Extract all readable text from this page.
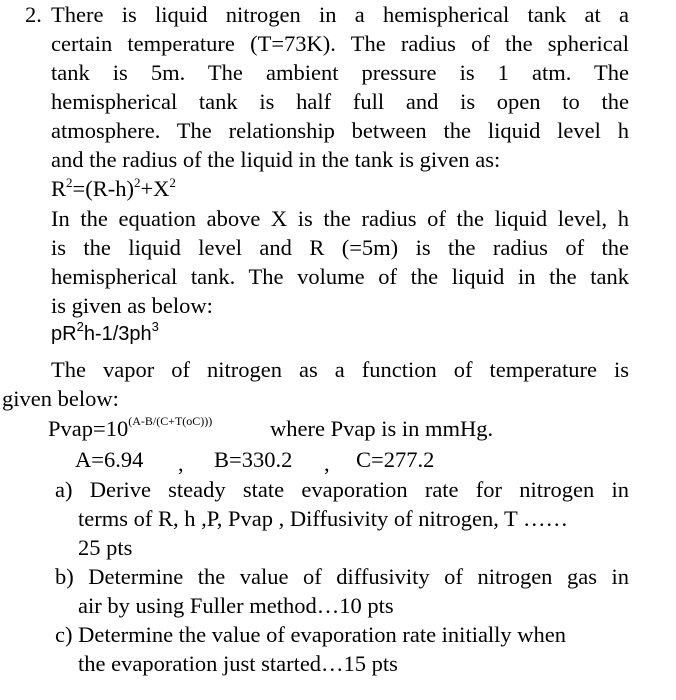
2. There is liquid nitrogen in a hemispherical tank at a
certain temperature (T=73K). The radius of the spherical
tank is 5m. The ambient pressure is 1 atm. The
hemispherical tank is half full and is open to the
atmosphere. The relationship between the liquid level h
and the radius of the liquid in the tank is given as:
$R^2=(R-h)^2+X^2$
In the equation above X is the radius of the liquid level, h
is the liquid level and R (=5m) is the radius of the
hemispherical tank. The volume of the liquid in the tank
is given as below:
$pR^2h-1/3ph^3$
The vapor of nitrogen as a function of temperature is
given below:
$Pvap=10^{(A-B/(C+T(oC)))}$	where Pvap is in mmHg.
A=6.94 , B=330.2 , C=277.2
a) Derive steady state evaporation rate for nitrogen in
terms of R, h ,P, Pvap , Diffusivity of nitrogen, T ……
25 pts
b) Determine the value of diffusivity of nitrogen gas in
air by using Fuller method…10 pts
c) Determine the value of evaporation rate initially when
the evaporation just started…15 pts
